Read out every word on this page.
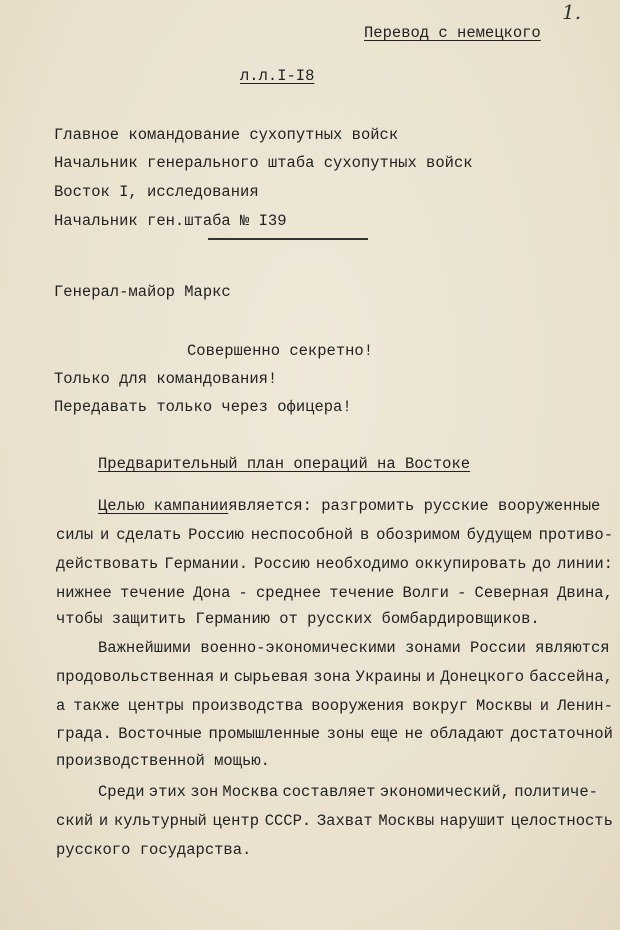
1.
Перевод с немецкого
л.л.I-I8
Главное командование сухопутных войск
Начальник генерального штаба сухопутных войск
Восток I, исследования
Начальник ген.штаба № I39
Генерал-майор Маркс
Совершенно секретно!
Только для командования!
Передавать только через офицера!
Предварительный план операций на Востоке
Целью кампании является: разгромить русские вооруженные
силы и сделать Россию неспособной в обозримом будущем противо-
действовать Германии. Россию необходимо оккупировать до линии:
нижнее течение Дона - среднее течение Волги - Северная Двина,
чтобы защитить Германию от русских бомбардировщиков.
Важнейшими военно-экономическими зонами России являются
продовольственная и сырьевая зона Украины и Донецкого бассейна,
а также центры производства вооружения вокруг Москвы и Ленин-
града. Восточные промышленные зоны еще не обладают достаточной
производственной мощью.
Среди этих зон Москва составляет экономический, политиче-
ский и культурный центр СССР. Захват Москвы нарушит целостность
русского государства.
